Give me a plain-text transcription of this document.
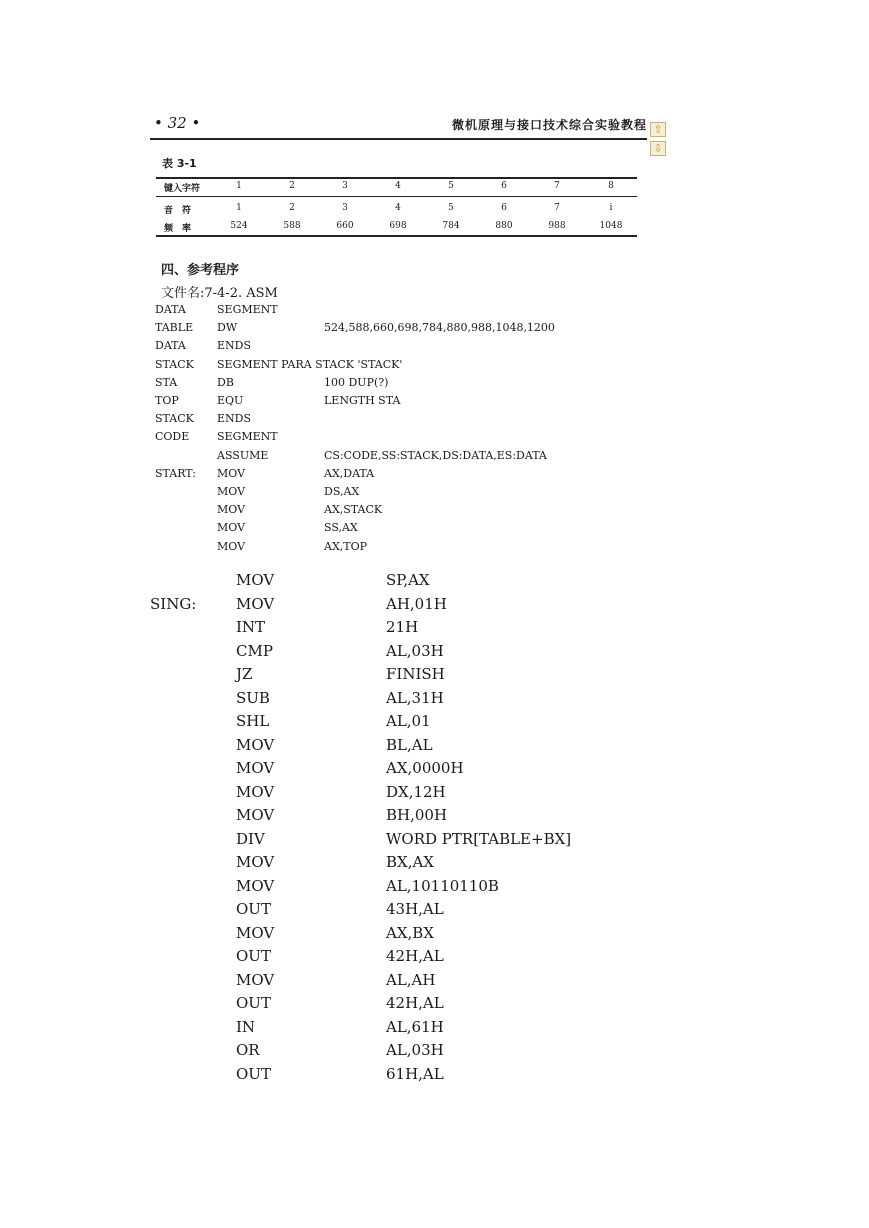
• 32 •	微机原理与接口技术综合实验教程 ⇧
⇩
表 3-1
键入字符	1	2	3	4	5	6	7	8
音　符	1	2	3	4	5	6	7	i̇
频　率	524	588	660	698	784	880	988	1048
四、参考程序
文件名:7-4-2. ASM
DATA	SEGMENT
TABLE DW	524,588,660,698,784,880,988,1048,1200
DATA	ENDS
STACK SEGMENT PARA STACK 'STACK'
STA	DB	100 DUP(?)
TOP	EQU	LENGTH STA
STACK ENDS
CODE	SEGMENT
ASSUME	CS:CODE,SS:STACK,DS:DATA,ES:DATA
START: MOV	AX,DATA
MOV	DS,AX
MOV	AX,STACK
MOV	SS,AX
MOV	AX,TOP
MOV	SP,AX
SING:	MOV	AH,01H
INT	21H
CMP	AL,03H
JZ	FINISH
SUB	AL,31H
SHL	AL,01
MOV	BL,AL
MOV	AX,0000H
MOV	DX,12H
MOV	BH,00H
DIV	WORD PTR[TABLE+BX]
MOV	BX,AX
MOV	AL,10110110B
OUT	43H,AL
MOV	AX,BX
OUT	42H,AL
MOV	AL,AH
OUT	42H,AL
IN	AL,61H
OR	AL,03H
OUT	61H,AL
